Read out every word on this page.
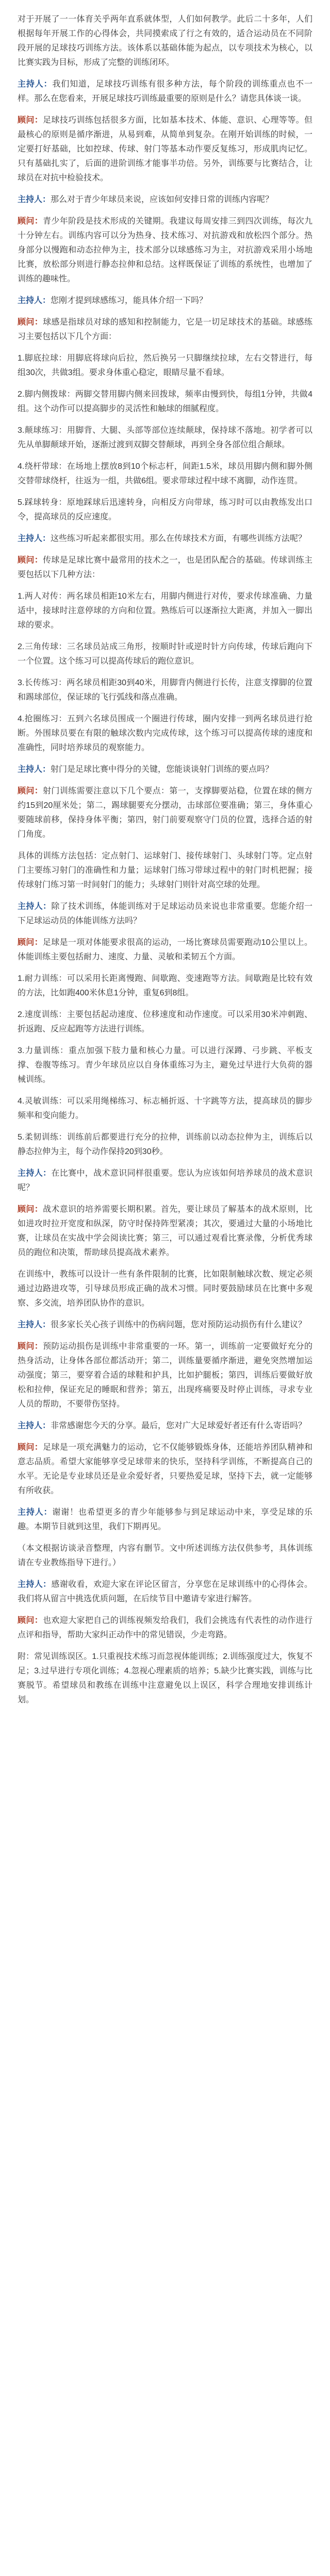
对于开展了一一体育关乎两年直系就体型，人们如何教学。此后二十多年，人们根据每年开展工作的心得体会，共同摸索成了行之有效的，适合运动员在不同阶段开展的足球技巧训练方法。该体系以基础体能为起点，以专项技术为核心，以比赛实践为目标，形成了完整的训练闭环。

主持人：我们知道，足球技巧训练有很多种方法，每个阶段的训练重点也不一样。那么在您看来，开展足球技巧训练最重要的原则是什么？请您具体谈一谈。

顾问：足球技巧训练包括很多方面，比如基本技术、体能、意识、心理等等。但最核心的原则是循序渐进，从易到难，从简单到复杂。在刚开始训练的时候，一定要打好基础，比如控球、传球、射门等基本动作要反复练习，形成肌肉记忆。只有基础扎实了，后面的进阶训练才能事半功倍。另外，训练要与比赛结合，让球员在对抗中检验技术。

主持人：那么对于青少年球员来说，应该如何安排日常的训练内容呢？

顾问：青少年阶段是技术形成的关键期。我建议每周安排三到四次训练，每次九十分钟左右。训练内容可以分为热身、技术练习、对抗游戏和放松四个部分。热身部分以慢跑和动态拉伸为主，技术部分以球感练习为主，对抗游戏采用小场地比赛，放松部分则进行静态拉伸和总结。这样既保证了训练的系统性，也增加了训练的趣味性。

主持人：您刚才提到球感练习，能具体介绍一下吗？

顾问：球感是指球员对球的感知和控制能力，它是一切足球技术的基础。球感练习主要包括以下几个方面：

1.脚底拉球：用脚底将球向后拉，然后换另一只脚继续拉球，左右交替进行，每组30次，共做3组。要求身体重心稳定，眼睛尽量不看球。

2.脚内侧拨球：两脚交替用脚内侧来回拨球，频率由慢到快，每组1分钟，共做4组。这个动作可以提高脚步的灵活性和触球的细腻程度。

3.颠球练习：用脚背、大腿、头部等部位连续颠球，保持球不落地。初学者可以先从单脚颠球开始，逐渐过渡到双脚交替颠球，再到全身各部位组合颠球。

4.绕杆带球：在场地上摆放8到10个标志杆，间距1.5米，球员用脚内侧和脚外侧交替带球绕杆，往返为一组，共做6组。要求带球过程中球不离脚，动作连贯。

5.踩球转身：原地踩球后迅速转身，向相反方向带球，练习时可以由教练发出口令，提高球员的反应速度。

主持人：这些练习听起来都很实用。那么在传球技术方面，有哪些训练方法呢？

顾问：传球是足球比赛中最常用的技术之一，也是团队配合的基础。传球训练主要包括以下几种方法：

1.两人对传：两名球员相距10米左右，用脚内侧进行对传，要求传球准确、力量适中，接球时注意停球的方向和位置。熟练后可以逐渐拉大距离，并加入一脚出球的要求。

2.三角传球：三名球员站成三角形，按顺时针或逆时针方向传球，传球后跑向下一个位置。这个练习可以提高传球后的跑位意识。

3.长传练习：两名球员相距30到40米，用脚背内侧进行长传，注意支撑脚的位置和踢球部位，保证球的飞行弧线和落点准确。

4.抢圈练习：五到六名球员围成一个圈进行传球，圈内安排一到两名球员进行抢断。外围球员要在有限的触球次数内完成传球，这个练习可以提高传球的速度和准确性，同时培养球员的观察能力。

主持人：射门是足球比赛中得分的关键，您能谈谈射门训练的要点吗？

顾问：射门训练需要注意以下几个要点：第一，支撑脚要站稳，位置在球的侧方约15到20厘米处；第二，踢球腿要充分摆动，击球部位要准确；第三，身体重心要随球前移，保持身体平衡；第四，射门前要观察守门员的位置，选择合适的射门角度。

具体的训练方法包括：定点射门、运球射门、接传球射门、头球射门等。定点射门主要练习射门的准确性和力量；运球射门练习带球过程中的射门时机把握；接传球射门练习第一时间射门的能力；头球射门则针对高空球的处理。

主持人：除了技术训练，体能训练对于足球运动员来说也非常重要。您能介绍一下足球运动员的体能训练方法吗？

顾问：足球是一项对体能要求很高的运动，一场比赛球员需要跑动10公里以上。体能训练主要包括耐力、速度、力量、灵敏和柔韧五个方面。

1.耐力训练：可以采用长距离慢跑、间歇跑、变速跑等方法。间歇跑是比较有效的方法，比如跑400米休息1分钟，重复6到8组。

2.速度训练：主要包括起动速度、位移速度和动作速度。可以采用30米冲刺跑、折返跑、反应起跑等方法进行训练。

3.力量训练：重点加强下肢力量和核心力量。可以进行深蹲、弓步跳、平板支撑、卷腹等练习。青少年球员应以自身体重练习为主，避免过早进行大负荷的器械训练。

4.灵敏训练：可以采用绳梯练习、标志桶折返、十字跳等方法，提高球员的脚步频率和变向能力。

5.柔韧训练：训练前后都要进行充分的拉伸，训练前以动态拉伸为主，训练后以静态拉伸为主，每个动作保持20到30秒。

主持人：在比赛中，战术意识同样很重要。您认为应该如何培养球员的战术意识呢？

顾问：战术意识的培养需要长期积累。首先，要让球员了解基本的战术原则，比如进攻时拉开宽度和纵深，防守时保持阵型紧凑；其次，要通过大量的小场地比赛，让球员在实战中学会阅读比赛；第三，可以通过观看比赛录像，分析优秀球员的跑位和决策，帮助球员提高战术素养。

在训练中，教练可以设计一些有条件限制的比赛，比如限制触球次数、规定必须通过边路进攻等，引导球员形成正确的战术习惯。同时要鼓励球员在比赛中多观察、多交流，培养团队协作的意识。

主持人：很多家长关心孩子训练中的伤病问题，您对预防运动损伤有什么建议？

顾问：预防运动损伤是训练中非常重要的一环。第一，训练前一定要做好充分的热身活动，让身体各部位都活动开；第二，训练量要循序渐进，避免突然增加运动强度；第三，要穿着合适的球鞋和护具，比如护腿板；第四，训练后要做好放松和拉伸，保证充足的睡眠和营养；第五，出现疼痛要及时停止训练，寻求专业人员的帮助，不要带伤坚持。

主持人：非常感谢您今天的分享。最后，您对广大足球爱好者还有什么寄语吗？

顾问：足球是一项充满魅力的运动，它不仅能够锻炼身体，还能培养团队精神和意志品质。希望大家能够享受足球带来的快乐，坚持科学训练，不断提高自己的水平。无论是专业球员还是业余爱好者，只要热爱足球，坚持下去，就一定能够有所收获。

主持人：谢谢！也希望更多的青少年能够参与到足球运动中来，享受足球的乐趣。本期节目就到这里，我们下期再见。

（本文根据访谈录音整理，内容有删节。文中所述训练方法仅供参考，具体训练请在专业教练指导下进行。）

主持人：感谢收看，欢迎大家在评论区留言，分享您在足球训练中的心得体会。我们将从留言中挑选优质问题，在后续节目中邀请专家进行解答。

顾问：也欢迎大家把自己的训练视频发给我们，我们会挑选有代表性的动作进行点评和指导，帮助大家纠正动作中的常见错误，少走弯路。

附：常见训练误区。1.只重视技术练习而忽视体能训练；2.训练强度过大，恢复不足；3.过早进行专项化训练；4.忽视心理素质的培养；5.缺少比赛实践，训练与比赛脱节。希望球员和教练在训练中注意避免以上误区，科学合理地安排训练计划。
